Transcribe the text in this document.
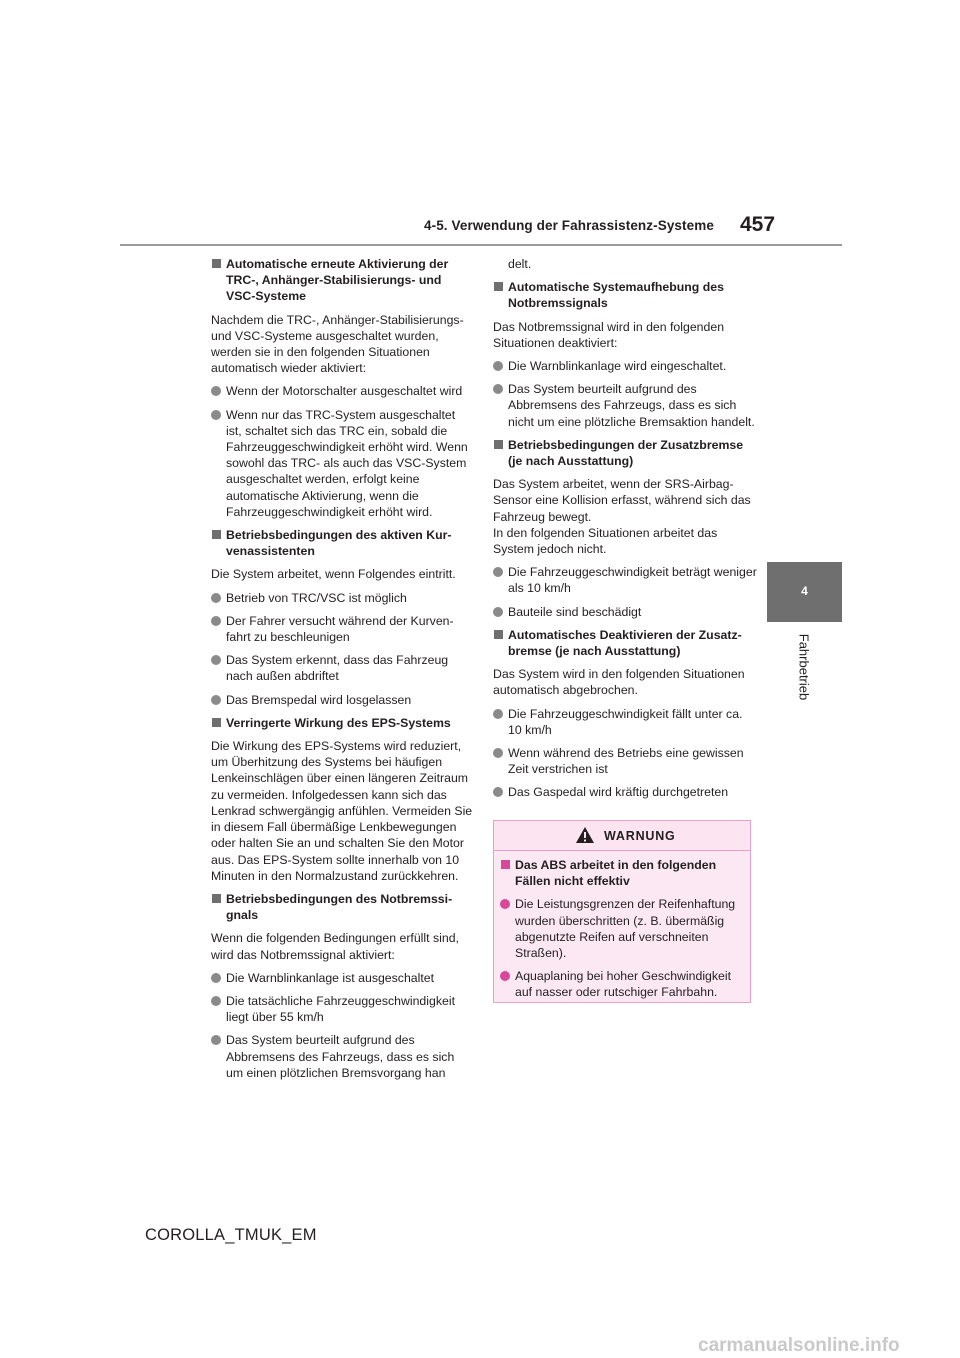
4-5. Verwendung der Fahrassistenz-Systeme 457
4
Fahrbetrieb
Automatische erneute Aktivierung der TRC-, Anhänger-Stabilisierungs- und VSC-Systeme
Nachdem die TRC-, Anhänger-Stabilisierungs- und VSC-Systeme ausgeschaltet wurden, werden sie in den folgenden Situationen automatisch wieder aktiviert:
Wenn der Motorschalter ausgeschaltet wird
Wenn nur das TRC-System ausgeschaltet ist, schaltet sich das TRC ein, sobald die Fahrzeuggeschwindigkeit erhöht wird. Wenn sowohl das TRC- als auch das VSC-System ausgeschaltet werden, erfolgt keine automatische Aktivierung, wenn die Fahrzeuggeschwindigkeit erhöht wird.
Betriebsbedingungen des aktiven Kurvenassistenten
Die System arbeitet, wenn Folgendes eintritt.
Betrieb von TRC/VSC ist möglich
Der Fahrer versucht während der Kurvenfahrt zu beschleunigen
Das System erkennt, dass das Fahrzeug nach außen abdriftet
Das Bremspedal wird losgelassen
Verringerte Wirkung des EPS-Systems
Die Wirkung des EPS-Systems wird reduziert, um Überhitzung des Systems bei häufigen Lenkeinschlägen über einen längeren Zeitraum zu vermeiden. Infolgedessen kann sich das Lenkrad schwergängig anfühlen. Vermeiden Sie in diesem Fall übermäßige Lenkbewegungen oder halten Sie an und schalten Sie den Motor aus. Das EPS-System sollte innerhalb von 10 Minuten in den Normalzustand zurückkehren.
Betriebsbedingungen des Notbremssignals
Wenn die folgenden Bedingungen erfüllt sind, wird das Notbremssignal aktiviert:
Die Warnblinkanlage ist ausgeschaltet
Die tatsächliche Fahrzeuggeschwindigkeit liegt über 55 km/h
Das System beurteilt aufgrund des Abbremsens des Fahrzeugs, dass es sich um einen plötzlichen Bremsvorgang han
delt.
Automatische Systemaufhebung des Notbremssignals
Das Notbremssignal wird in den folgenden Situationen deaktiviert:
Die Warnblinkanlage wird eingeschaltet.
Das System beurteilt aufgrund des Abbremsens des Fahrzeugs, dass es sich nicht um eine plötzliche Bremsaktion handelt.
Betriebsbedingungen der Zusatzbremse (je nach Ausstattung)
Das System arbeitet, wenn der SRS-Airbag-Sensor eine Kollision erfasst, während sich das Fahrzeug bewegt.
In den folgenden Situationen arbeitet das System jedoch nicht.
Die Fahrzeuggeschwindigkeit beträgt weniger als 10 km/h
Bauteile sind beschädigt
Automatisches Deaktivieren der Zusatzbremse (je nach Ausstattung)
Das System wird in den folgenden Situationen automatisch abgebrochen.
Die Fahrzeuggeschwindigkeit fällt unter ca. 10 km/h
Wenn während des Betriebs eine gewissen Zeit verstrichen ist
Das Gaspedal wird kräftig durchgetreten
WARNUNG
Das ABS arbeitet in den folgenden Fällen nicht effektiv
Die Leistungsgrenzen der Reifenhaftung wurden überschritten (z. B. übermäßig abgenutzte Reifen auf verschneiten Straßen).
Aquaplaning bei hoher Geschwindigkeit auf nasser oder rutschiger Fahrbahn.
COROLLA_TMUK_EM
carmanualsonline.info
